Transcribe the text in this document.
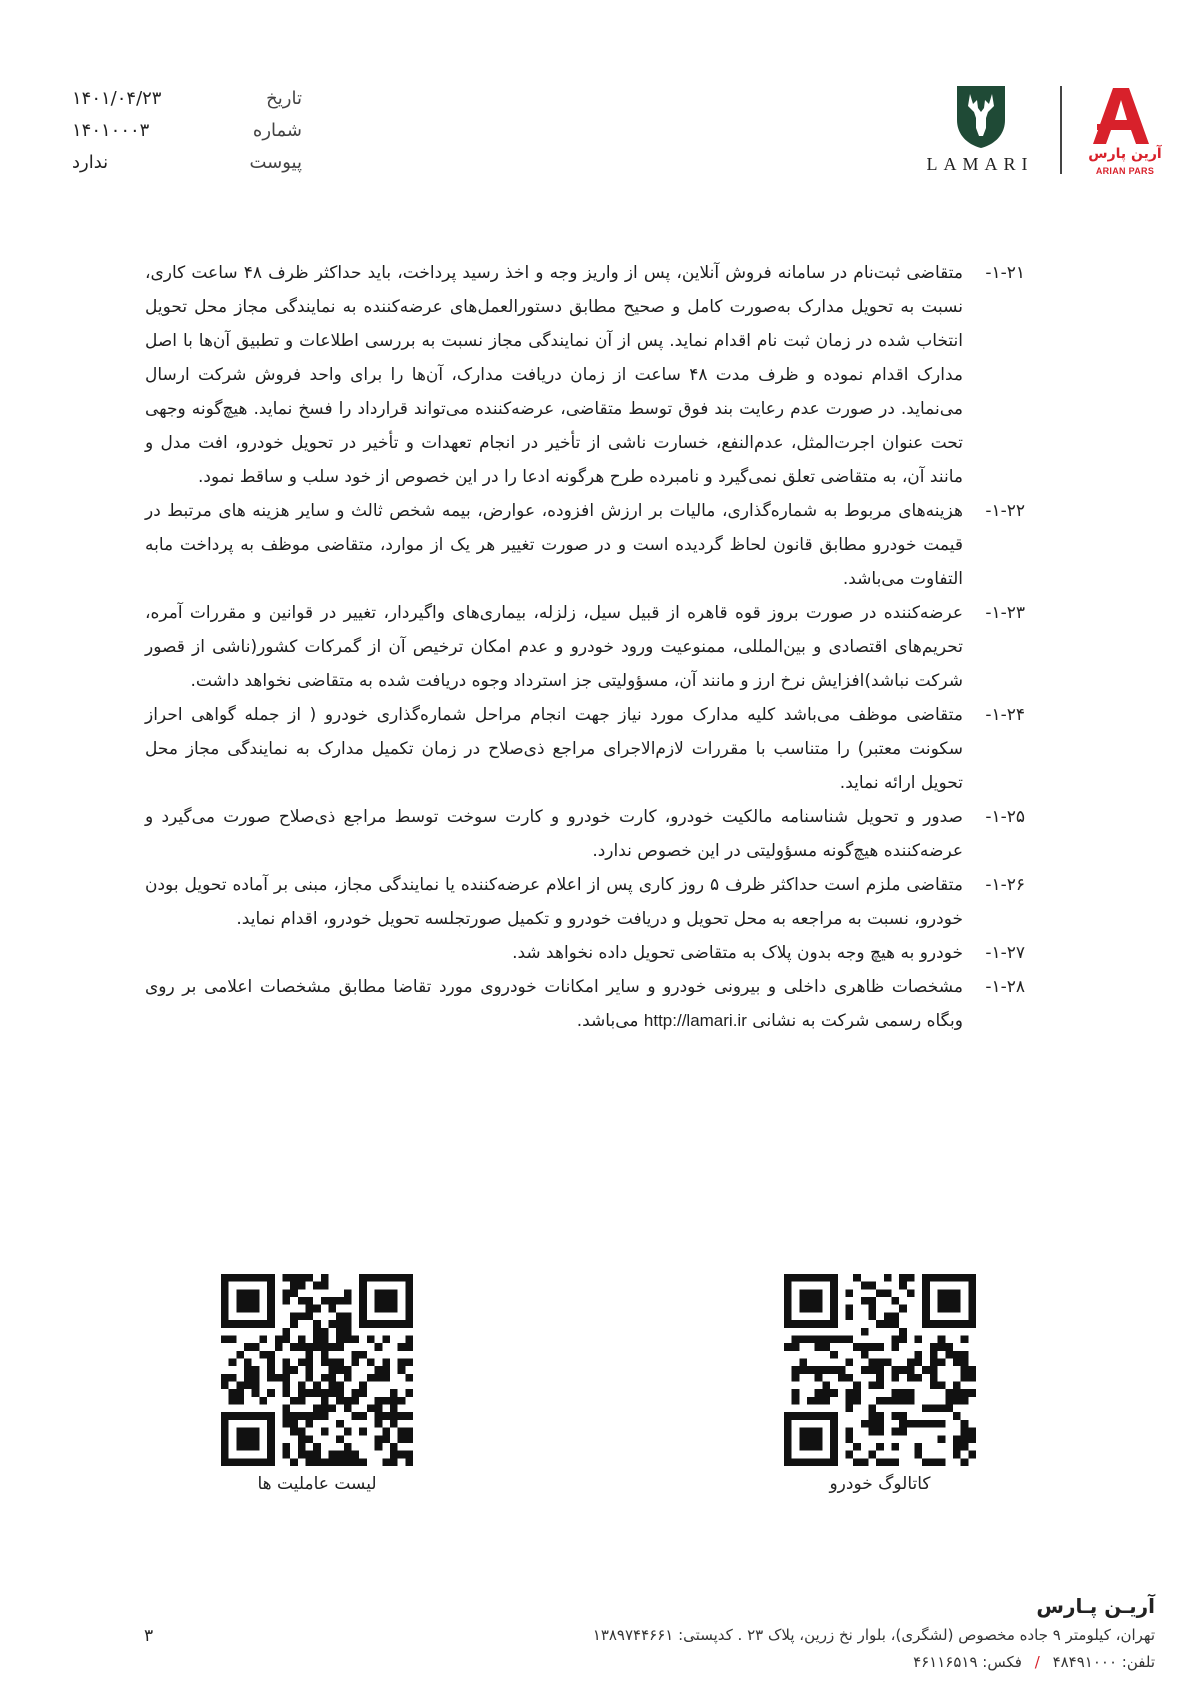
آرین پارس
ARIAN PARS
LAMARI
تاریخ
۱۴۰۱/۰۴/۲۳
شماره
۱۴۰۱۰۰۰۳
پیوست
ندارد
۱-۲۱-
متقاضی ثبت‌نام در سامانه فروش آنلاین، پس از واریز وجه و اخذ رسید پرداخت، باید حداکثر ظرف ۴۸ ساعت کاری، نسبت به تحویل مدارک به‌صورت کامل و صحیح مطابق دستورالعمل‌های عرضه‌کننده به نمایندگی مجاز محل تحویل انتخاب شده در زمان ثبت نام اقدام نماید. پس از آن نمایندگی مجاز نسبت به بررسی اطلاعات و تطبیق آن‌ها با اصل مدارک اقدام نموده و ظرف مدت ۴۸ ساعت از زمان دریافت مدارک، آن‌ها را برای واحد فروش شرکت ارسال می‌نماید. در صورت عدم رعایت بند فوق توسط متقاضی، عرضه‌کننده می‌تواند قرارداد را فسخ نماید. هیچ‌گونه وجهی تحت عنوان اجرت‌المثل، عدم‌النفع، خسارت ناشی از تأخیر در انجام تعهدات و تأخیر در تحویل خودرو، افت مدل و مانند آن، به متقاضی تعلق نمی‌گیرد و نامبرده طرح هرگونه ادعا را در این خصوص از خود سلب و ساقط نمود.
۱-۲۲-
هزینه‌های مربوط به شماره‌گذاری، مالیات بر ارزش افزوده، عوارض، بیمه شخص ثالث و سایر هزینه های مرتبط در قیمت خودرو مطابق قانون لحاظ گردیده است و در صورت تغییر هر یک از موارد، متقاضی موظف به پرداخت مابه التفاوت می‌باشد.
۱-۲۳-
عرضه‌کننده در صورت بروز قوه قاهره از قبیل سیل، زلزله، بیماری‌های واگیردار، تغییر در قوانین و مقررات آمره، تحریم‌های اقتصادی و بین‌المللی، ممنوعیت ورود خودرو و عدم امکان ترخیص آن از گمرکات کشور(ناشی از قصور شرکت نباشد)افزایش نرخ ارز و مانند آن، مسؤولیتی جز استرداد وجوه دریافت شده به متقاضی نخواهد داشت.
۱-۲۴-
متقاضی موظف می‌باشد کلیه مدارک مورد نیاز جهت انجام مراحل شماره‌گذاری خودرو ( از جمله گواهی احراز سکونت معتبر) را متناسب با مقررات لازم‌الاجرای مراجع ذی‌صلاح در زمان تکمیل مدارک به نمایندگی مجاز محل تحویل ارائه نماید.
۱-۲۵-
صدور و تحویل شناسنامه مالکیت خودرو، کارت خودرو و کارت سوخت توسط مراجع ذی‌صلاح صورت می‌گیرد و عرضه‌کننده هیچ‌گونه مسؤولیتی در این خصوص ندارد.
۱-۲۶-
متقاضی ملزم است حداکثر ظرف ۵ روز کاری پس از اعلام عرضه‌کننده یا نمایندگی مجاز، مبنی بر آماده تحویل بودن خودرو، نسبت به مراجعه به محل تحویل و دریافت خودرو و تکمیل صورتجلسه تحویل خودرو، اقدام نماید.
۱-۲۷-
خودرو به هیچ وجه بدون پلاک به متقاضی تحویل داده نخواهد شد.
۱-۲۸-
مشخصات ظاهری داخلی و بیرونی خودرو و سایر امکانات خودروی مورد تقاضا مطابق مشخصات اعلامی بر روی وبگاه رسمی شرکت به نشانی http://lamari.ir می‌باشد.
کاتالوگ خودرو
لیست عاملیت ها
آریـن پـارس
تهران، کیلومتر ۹ جاده مخصوص (لشگری)، بلوار نخ زرین، پلاک ۲۳ . کدپستی: ۱۳۸۹۷۴۴۶۶۱
تلفن: ۴۸۴۹۱۰۰۰ / فکس: ۴۶۱۱۶۵۱۹
۳
